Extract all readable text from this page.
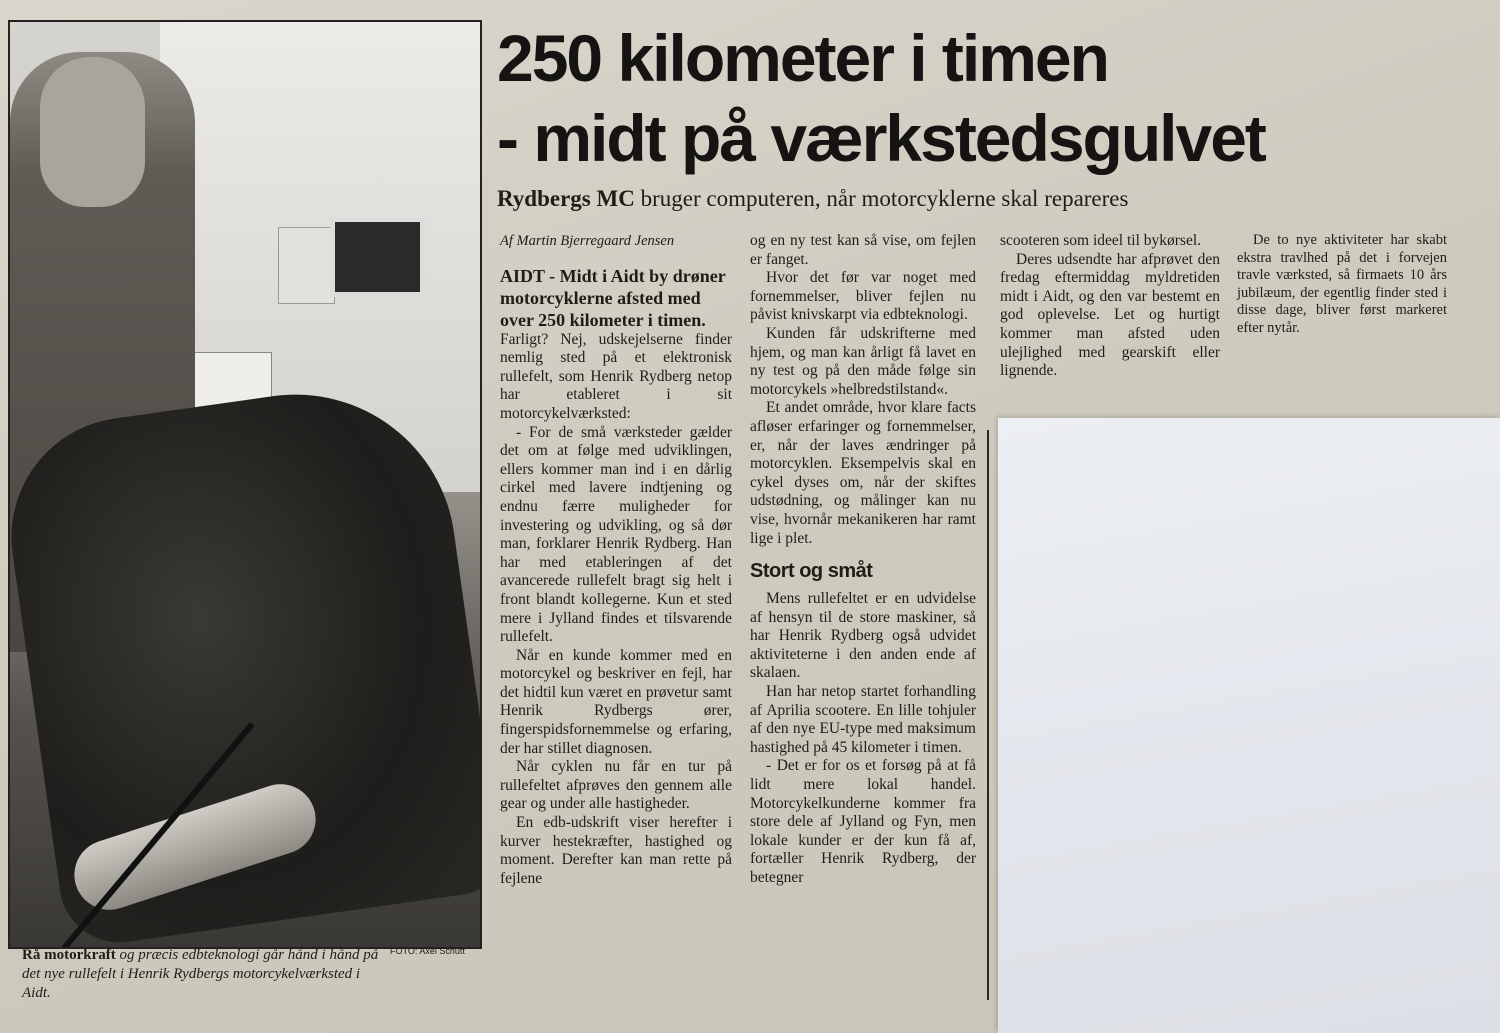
FOTO: Axel Schutt
Rå motorkraft og præcis edbteknologi går hånd i hånd på det nye rullefelt i Henrik Rydbergs motorcykelværksted i Aidt.
250 kilometer i timen
- midt på værkstedsgulvet
Rydbergs MC bruger computeren, når motorcyklerne skal repareres
Af Martin Bjerregaard Jensen

AIDT - Midt i Aidt by drøner motorcyklerne afsted med over 250 kilometer i timen.

Farligt? Nej, udskejelserne finder nemlig sted på et elektronisk rullefelt, som Henrik Rydberg netop har etableret i sit motorcykelværksted:

- For de små værksteder gælder det om at følge med udviklingen, ellers kommer man ind i en dårlig cirkel med lavere indtjening og endnu færre muligheder for investering og udvikling, og så dør man, forklarer Henrik Rydberg. Han har med etableringen af det avancerede rullefelt bragt sig helt i front blandt kollegerne. Kun et sted mere i Jylland findes et tilsvarende rullefelt.

Når en kunde kommer med en motorcykel og beskriver en fejl, har det hidtil kun været en prøvetur samt Henrik Rydbergs ører, fingerspidsfornemmelse og erfaring, der har stillet diagnosen.

Når cyklen nu får en tur på rullefeltet afprøves den gennem alle gear og under alle hastigheder.

En edb-udskrift viser herefter i kurver hestekræfter, hastighed og moment. Derefter kan man rette på fejlene

og en ny test kan så vise, om fejlen er fanget.

Hvor det før var noget med fornemmelser, bliver fejlen nu påvist knivskarpt via edbteknologi.

Kunden får udskrifterne med hjem, og man kan årligt få lavet en ny test og på den måde følge sin motorcykels »helbredstilstand«.

Et andet område, hvor klare facts afløser erfaringer og fornemmelser, er, når der laves ændringer på motorcyklen. Eksempelvis skal en cykel dyses om, når der skiftes udstødning, og målinger kan nu vise, hvornår mekanikeren har ramt lige i plet.

Stort og småt

Mens rullefeltet er en udvidelse af hensyn til de store maskiner, så har Henrik Rydberg også udvidet aktiviteterne i den anden ende af skalaen.

Han har netop startet forhandling af Aprilia scootere. En lille tohjuler af den nye EU-type med maksimum hastighed på 45 kilometer i timen.

- Det er for os et forsøg på at få lidt mere lokal handel. Motorcykelkunderne kommer fra store dele af Jylland og Fyn, men lokale kunder er der kun få af, fortæller Henrik Rydberg, der betegner

scooteren som ideel til bykørsel.

Deres udsendte har afprøvet den fredag eftermiddag myldretiden midt i Aidt, og den var bestemt en god oplevelse. Let og hurtigt kommer man afsted uden ulejlighed med gearskift eller lignende.

De to nye aktiviteter har skabt ekstra travlhed på det i forvejen travle værksted, så firmaets 10 års jubilæum, der egentlig finder sted i disse dage, bliver først markeret efter nytår.
